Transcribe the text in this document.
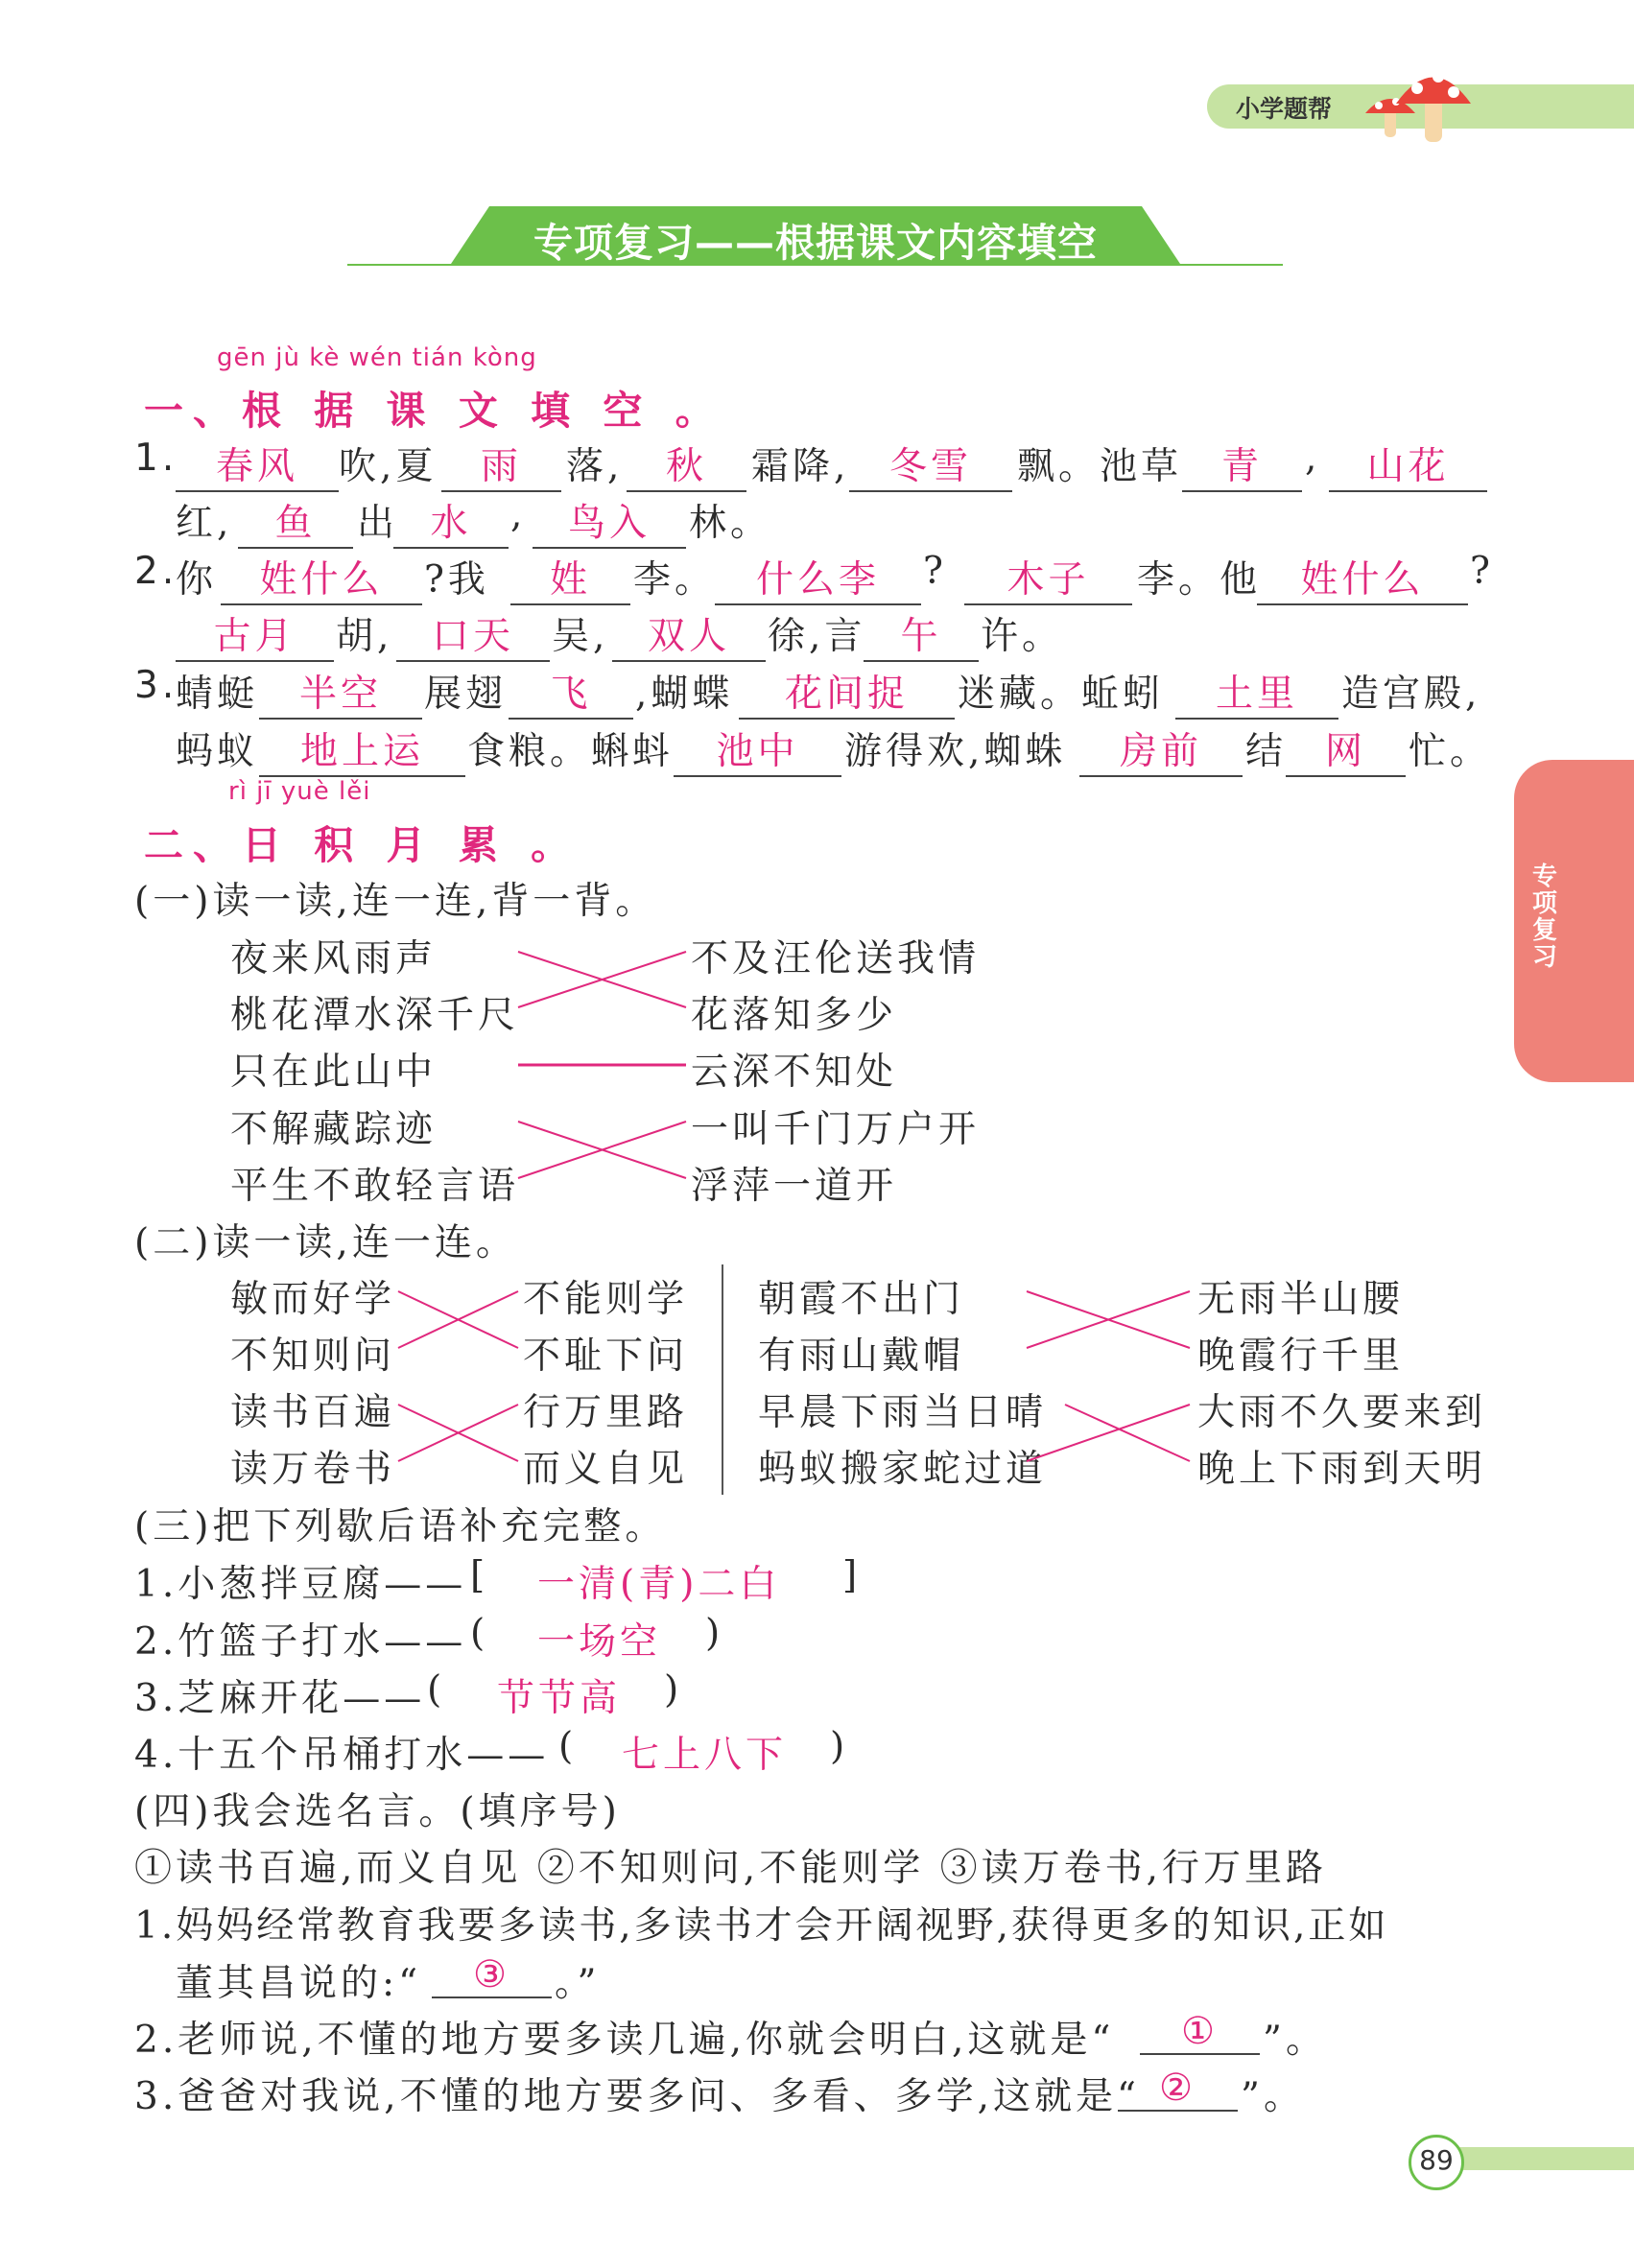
小学题帮
专项复习——根据课文内容填空
专项复习
gēn jù kè wén tián kòng
一、根 据 课 文 填 空 。
1.	春风	吹,夏	雨	落,	秋	霜降,	冬雪	飘。池草	青	,	山花
红,	鱼	出 水	,	鸟入	林。
2.
你	姓什么	?我	姓	李。	什么李	?	木子	李。他	姓什么	?
古月	胡,	口天	吴,	双人	徐,言 午	许。
3.
蜻蜓	半空	展翅	飞	,蝴蝶	花间捉	迷藏。蚯蚓	土里	造宫殿,
蚂蚁	地上运	食粮。蝌蚪	池中	游得欢,蜘蛛	房前	结	网	忙。
rì jī yuè lěi
二、日 积 月 累 。
(一)读一读,连一连,背一背。
夜来风雨声
桃花潭水深千尺
只在此山中
不解藏踪迹
平生不敢轻言语
不及汪伦送我情
花落知多少
云深不知处
一叫千门万户开
浮萍一道开
(二)读一读,连一连。
敏而好学
不知则问
读书百遍
读万卷书
不能则学
不耻下问
行万里路
而义自见
朝霞不出门
有雨山戴帽
早晨下雨当日晴
蚂蚁搬家蛇过道
无雨半山腰
晚霞行千里
大雨不久要来到
晚上下雨到天明
(三)把下列歇后语补充完整。
1.小葱拌豆腐—— [ 一清(青)二白 ]
2.竹篮子打水—— ( 一场空 )
3.芝麻开花—— ( 节节高 )
4.十五个吊桶打水—— ( 七上八下 )
(四)我会选名言。(填序号)
①读书百遍,而义自见 ②不知则问,不能则学 ③读万卷书,行万里路
1.妈妈经常教育我要多读书,多读书才会开阔视野,获得更多的知识,正如
董其昌说的:“	③	。”
2.老师说,不懂的地方要多读几遍,你就会明白,这就是“	①	”。
3.爸爸对我说,不懂的地方要多问、多看、多学,这就是“ ②	”。
89
